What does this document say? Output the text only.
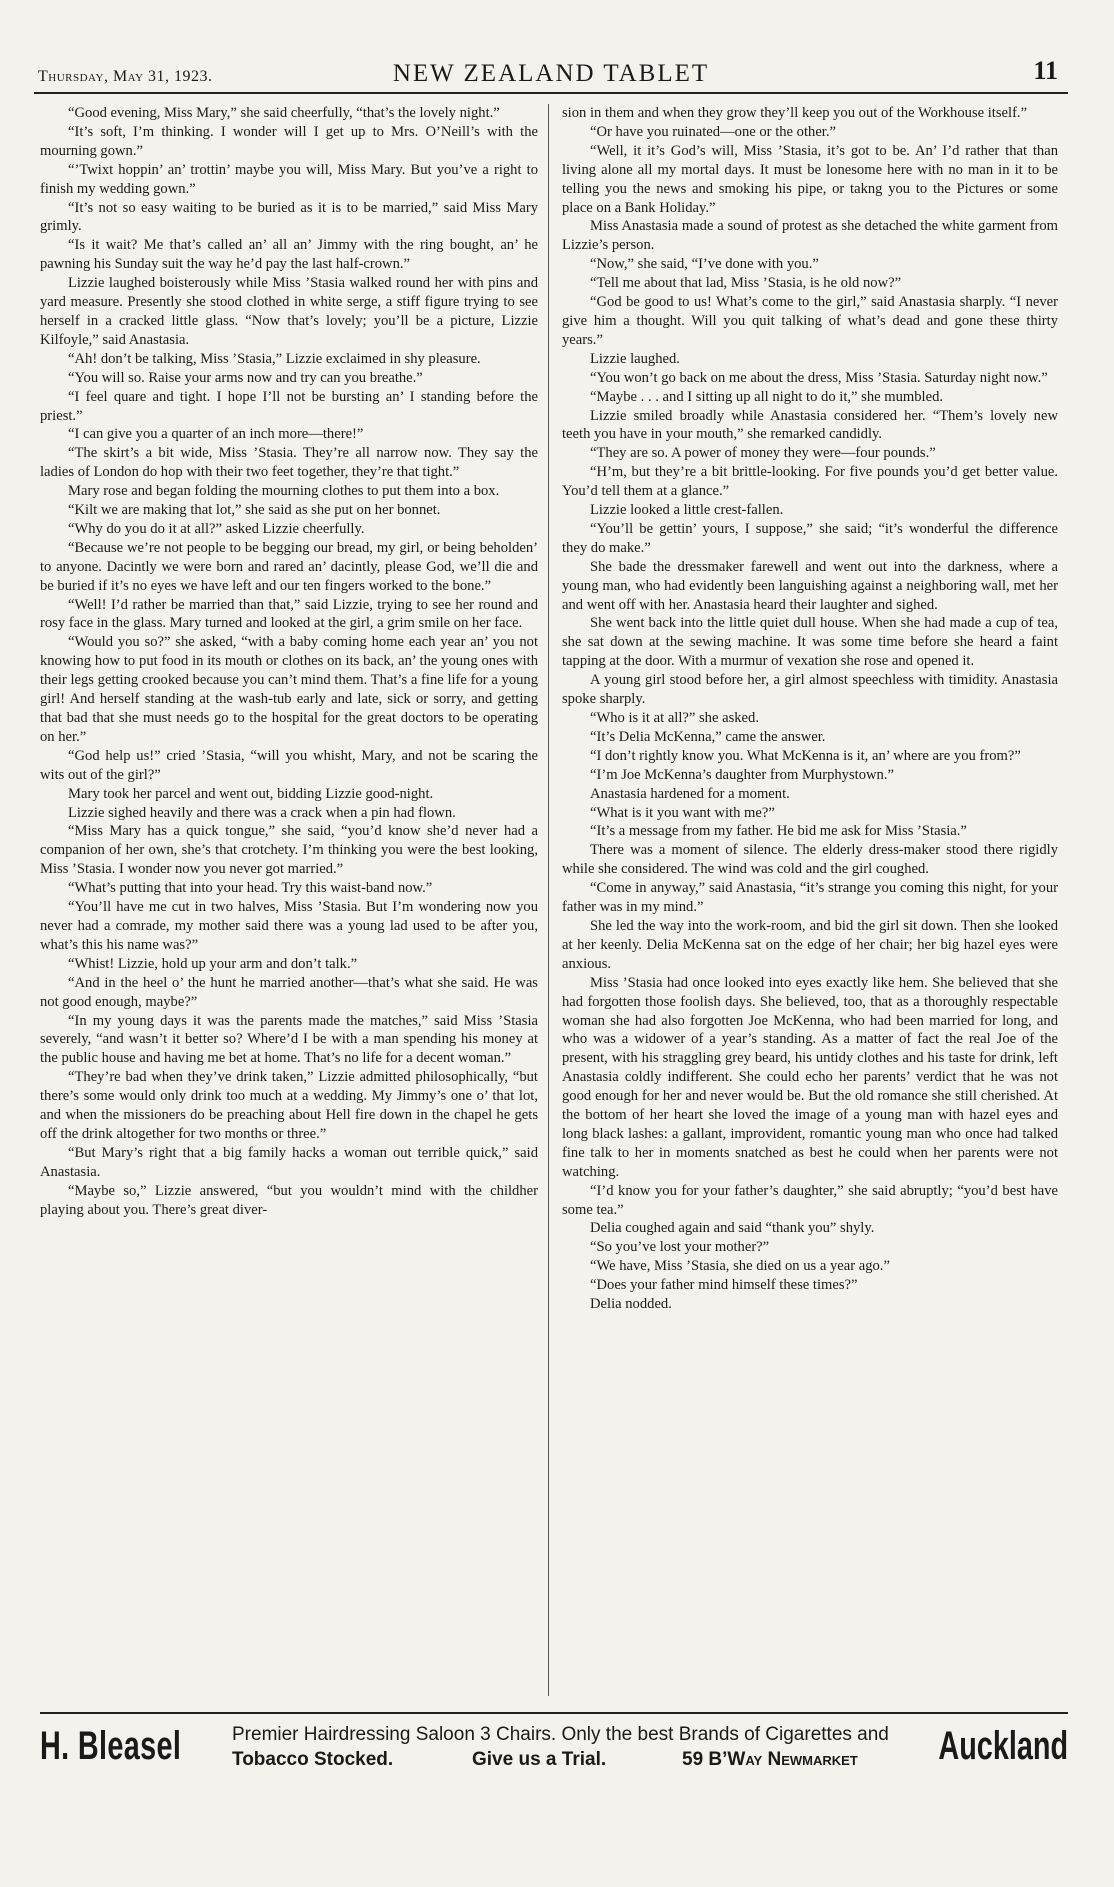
Thursday, May 31, 1923.	NEW ZEALAND TABLET	11

“Good evening, Miss Mary,” she said cheerfully, “that’s the lovely night.”

“It’s soft, I’m thinking. I wonder will I get up to Mrs. O’Neill’s with the mourning gown.”

“’Twixt hoppin’ an’ trottin’ maybe you will, Miss Mary. But you’ve a right to finish my wedding gown.”

“It’s not so easy waiting to be buried as it is to be married,” said Miss Mary grimly.

“Is it wait? Me that’s called an’ all an’ Jimmy with the ring bought, an’ he pawning his Sunday suit the way he’d pay the last half-crown.”

Lizzie laughed boisterously while Miss ’Stasia walked round her with pins and yard measure. Presently she stood clothed in white serge, a stiff figure trying to see herself in a cracked little glass. “Now that’s lovely; you’ll be a picture, Lizzie Kilfoyle,” said Anastasia.

“Ah! don’t be talking, Miss ’Stasia,” Lizzie exclaimed in shy pleasure.

“You will so. Raise your arms now and try can you breathe.”

“I feel quare and tight. I hope I’ll not be bursting an’ I standing before the priest.”

“I can give you a quarter of an inch more—there!”

“The skirt’s a bit wide, Miss ’Stasia. They’re all narrow now. They say the ladies of London do hop with their two feet together, they’re that tight.”

Mary rose and began folding the mourning clothes to put them into a box.

“Kilt we are making that lot,” she said as she put on her bonnet.

“Why do you do it at all?” asked Lizzie cheerfully.

“Because we’re not people to be begging our bread, my girl, or being beholden’ to anyone. Dacintly we were born and rared an’ dacintly, please God, we’ll die and be buried if it’s no eyes we have left and our ten fingers worked to the bone.”

“Well! I’d rather be married than that,” said Lizzie, trying to see her round and rosy face in the glass. Mary turned and looked at the girl, a grim smile on her face.

“Would you so?” she asked, “with a baby coming home each year an’ you not knowing how to put food in its mouth or clothes on its back, an’ the young ones with their legs getting crooked because you can’t mind them. That’s a fine life for a young girl! And herself standing at the wash-tub early and late, sick or sorry, and getting that bad that she must needs go to the hospital for the great doctors to be operating on her.”

“God help us!” cried ’Stasia, “will you whisht, Mary, and not be scaring the wits out of the girl?”

Mary took her parcel and went out, bidding Lizzie good-night.

Lizzie sighed heavily and there was a crack when a pin had flown.

“Miss Mary has a quick tongue,” she said, “you’d know she’d never had a companion of her own, she’s that crotchety. I’m thinking you were the best looking, Miss ’Stasia. I wonder now you never got married.”

“What’s putting that into your head. Try this waist-band now.”

“You’ll have me cut in two halves, Miss ’Stasia. But I’m wondering now you never had a comrade, my mother said there was a young lad used to be after you, what’s this his name was?”

“Whist! Lizzie, hold up your arm and don’t talk.”

“And in the heel o’ the hunt he married another—that’s what she said. He was not good enough, maybe?”

“In my young days it was the parents made the matches,” said Miss ’Stasia severely, “and wasn’t it better so? Where’d I be with a man spending his money at the public house and having me bet at home. That’s no life for a decent woman.”

“They’re bad when they’ve drink taken,” Lizzie admitted philosophically, “but there’s some would only drink too much at a wedding. My Jimmy’s one o’ that lot, and when the missioners do be preaching about Hell fire down in the chapel he gets off the drink altogether for two months or three.”

“But Mary’s right that a big family hacks a woman out terrible quick,” said Anastasia.

“Maybe so,” Lizzie answered, “but you wouldn’t mind with the childher playing about you. There’s great diver-

sion in them and when they grow they’ll keep you out of the Workhouse itself.”

“Or have you ruinated—one or the other.”

“Well, it it’s God’s will, Miss ’Stasia, it’s got to be. An’ I’d rather that than living alone all my mortal days. It must be lonesome here with no man in it to be telling you the news and smoking his pipe, or takng you to the Pictures or some place on a Bank Holiday.”

Miss Anastasia made a sound of protest as she detached the white garment from Lizzie’s person.

“Now,” she said, “I’ve done with you.”

“Tell me about that lad, Miss ’Stasia, is he old now?”

“God be good to us! What’s come to the girl,” said Anastasia sharply. “I never give him a thought. Will you quit talking of what’s dead and gone these thirty years.”

Lizzie laughed.

“You won’t go back on me about the dress, Miss ’Stasia. Saturday night now.”

“Maybe . . . and I sitting up all night to do it,” she mumbled.

Lizzie smiled broadly while Anastasia considered her. “Them’s lovely new teeth you have in your mouth,” she remarked candidly.

“They are so. A power of money they were—four pounds.”

“H’m, but they’re a bit brittle-looking. For five pounds you’d get better value. You’d tell them at a glance.”

Lizzie looked a little crest-fallen.

“You’ll be gettin’ yours, I suppose,” she said; “it’s wonderful the difference they do make.”

She bade the dressmaker farewell and went out into the darkness, where a young man, who had evidently been languishing against a neighboring wall, met her and went off with her. Anastasia heard their laughter and sighed.

She went back into the little quiet dull house. When she had made a cup of tea, she sat down at the sewing machine. It was some time before she heard a faint tapping at the door. With a murmur of vexation she rose and opened it.

A young girl stood before her, a girl almost speechless with timidity. Anastasia spoke sharply.

“Who is it at all?” she asked.

“It’s Delia McKenna,” came the answer.

“I don’t rightly know you. What McKenna is it, an’ where are you from?”

“I’m Joe McKenna’s daughter from Murphystown.”

Anastasia hardened for a moment.

“What is it you want with me?”

“It’s a message from my father. He bid me ask for Miss ’Stasia.”

There was a moment of silence. The elderly dress-maker stood there rigidly while she considered. The wind was cold and the girl coughed.

“Come in anyway,” said Anastasia, “it’s strange you coming this night, for your father was in my mind.”

She led the way into the work-room, and bid the girl sit down. Then she looked at her keenly. Delia McKenna sat on the edge of her chair; her big hazel eyes were anxious.

Miss ’Stasia had once looked into eyes exactly like hem. She believed that she had forgotten those foolish days. She believed, too, that as a thoroughly respectable woman she had also forgotten Joe McKenna, who had been married for long, and who was a widower of a year’s standing. As a matter of fact the real Joe of the present, with his straggling grey beard, his untidy clothes and his taste for drink, left Anastasia coldly indifferent. She could echo her parents’ verdict that he was not good enough for her and never would be. But the old romance she still cherished. At the bottom of her heart she loved the image of a young man with hazel eyes and long black lashes: a gallant, improvident, romantic young man who once had talked fine talk to her in moments snatched as best he could when her parents were not watching.

“I’d know you for your father’s daughter,” she said abruptly; “you’d best have some tea.”

Delia coughed again and said “thank you” shyly.

“So you’ve lost your mother?”

“We have, Miss ’Stasia, she died on us a year ago.”

“Does your father mind himself these times?”

Delia nodded.

H. Bleasel	Premier Hairdressing Saloon 3 Chairs. Only the best Brands of Cigarettes and
Tobacco Stocked.	Give us a Trial.	59 B’Way Newmarket	Auckland
